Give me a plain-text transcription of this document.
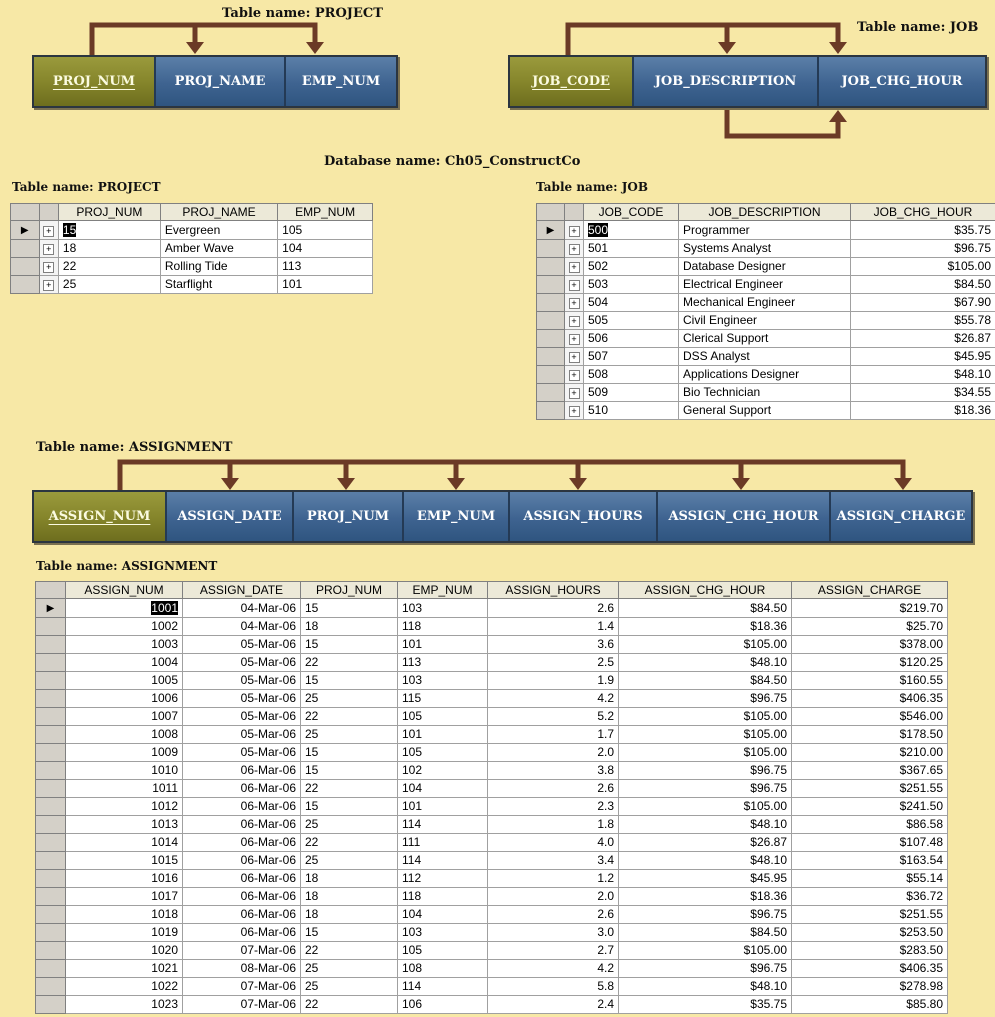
Table name: PROJECT
PROJ_NUM	PROJ_NAME	EMP_NUM
Table name: JOB
JOB_CODE	JOB_DESCRIPTION	JOB_CHG_HOUR
Database name: Ch05_ConstructCo
Table name: PROJECT
		PROJ_NUM	PROJ_NAME	EMP_NUM
▶	+	15	Evergreen	105
	+	18	Amber Wave	104
	+	22	Rolling Tide	113
	+	25	Starflight	101
Table name: JOB
		JOB_CODE	JOB_DESCRIPTION	JOB_CHG_HOUR
▶	+	500	Programmer	$35.75
	+	501	Systems Analyst	$96.75
	+	502	Database Designer	$105.00
	+	503	Electrical Engineer	$84.50
	+	504	Mechanical Engineer	$67.90
	+	505	Civil Engineer	$55.78
	+	506	Clerical Support	$26.87
	+	507	DSS Analyst	$45.95
	+	508	Applications Designer	$48.10
	+	509	Bio Technician	$34.55
	+	510	General Support	$18.36
Table name: ASSIGNMENT
ASSIGN_NUM	ASSIGN_DATE	PROJ_NUM	EMP_NUM	ASSIGN_HOURS	ASSIGN_CHG_HOUR	ASSIGN_CHARGE
Table name: ASSIGNMENT
	ASSIGN_NUM	ASSIGN_DATE	PROJ_NUM	EMP_NUM	ASSIGN_HOURS	ASSIGN_CHG_HOUR	ASSIGN_CHARGE
▶	1001	04-Mar-06	15	103	2.6	$84.50	$219.70
	1002	04-Mar-06	18	118	1.4	$18.36	$25.70
	1003	05-Mar-06	15	101	3.6	$105.00	$378.00
	1004	05-Mar-06	22	113	2.5	$48.10	$120.25
	1005	05-Mar-06	15	103	1.9	$84.50	$160.55
	1006	05-Mar-06	25	115	4.2	$96.75	$406.35
	1007	05-Mar-06	22	105	5.2	$105.00	$546.00
	1008	05-Mar-06	25	101	1.7	$105.00	$178.50
	1009	05-Mar-06	15	105	2.0	$105.00	$210.00
	1010	06-Mar-06	15	102	3.8	$96.75	$367.65
	1011	06-Mar-06	22	104	2.6	$96.75	$251.55
	1012	06-Mar-06	15	101	2.3	$105.00	$241.50
	1013	06-Mar-06	25	114	1.8	$48.10	$86.58
	1014	06-Mar-06	22	111	4.0	$26.87	$107.48
	1015	06-Mar-06	25	114	3.4	$48.10	$163.54
	1016	06-Mar-06	18	112	1.2	$45.95	$55.14
	1017	06-Mar-06	18	118	2.0	$18.36	$36.72
	1018	06-Mar-06	18	104	2.6	$96.75	$251.55
	1019	06-Mar-06	15	103	3.0	$84.50	$253.50
	1020	07-Mar-06	22	105	2.7	$105.00	$283.50
	1021	08-Mar-06	25	108	4.2	$96.75	$406.35
	1022	07-Mar-06	25	114	5.8	$48.10	$278.98
	1023	07-Mar-06	22	106	2.4	$35.75	$85.80
